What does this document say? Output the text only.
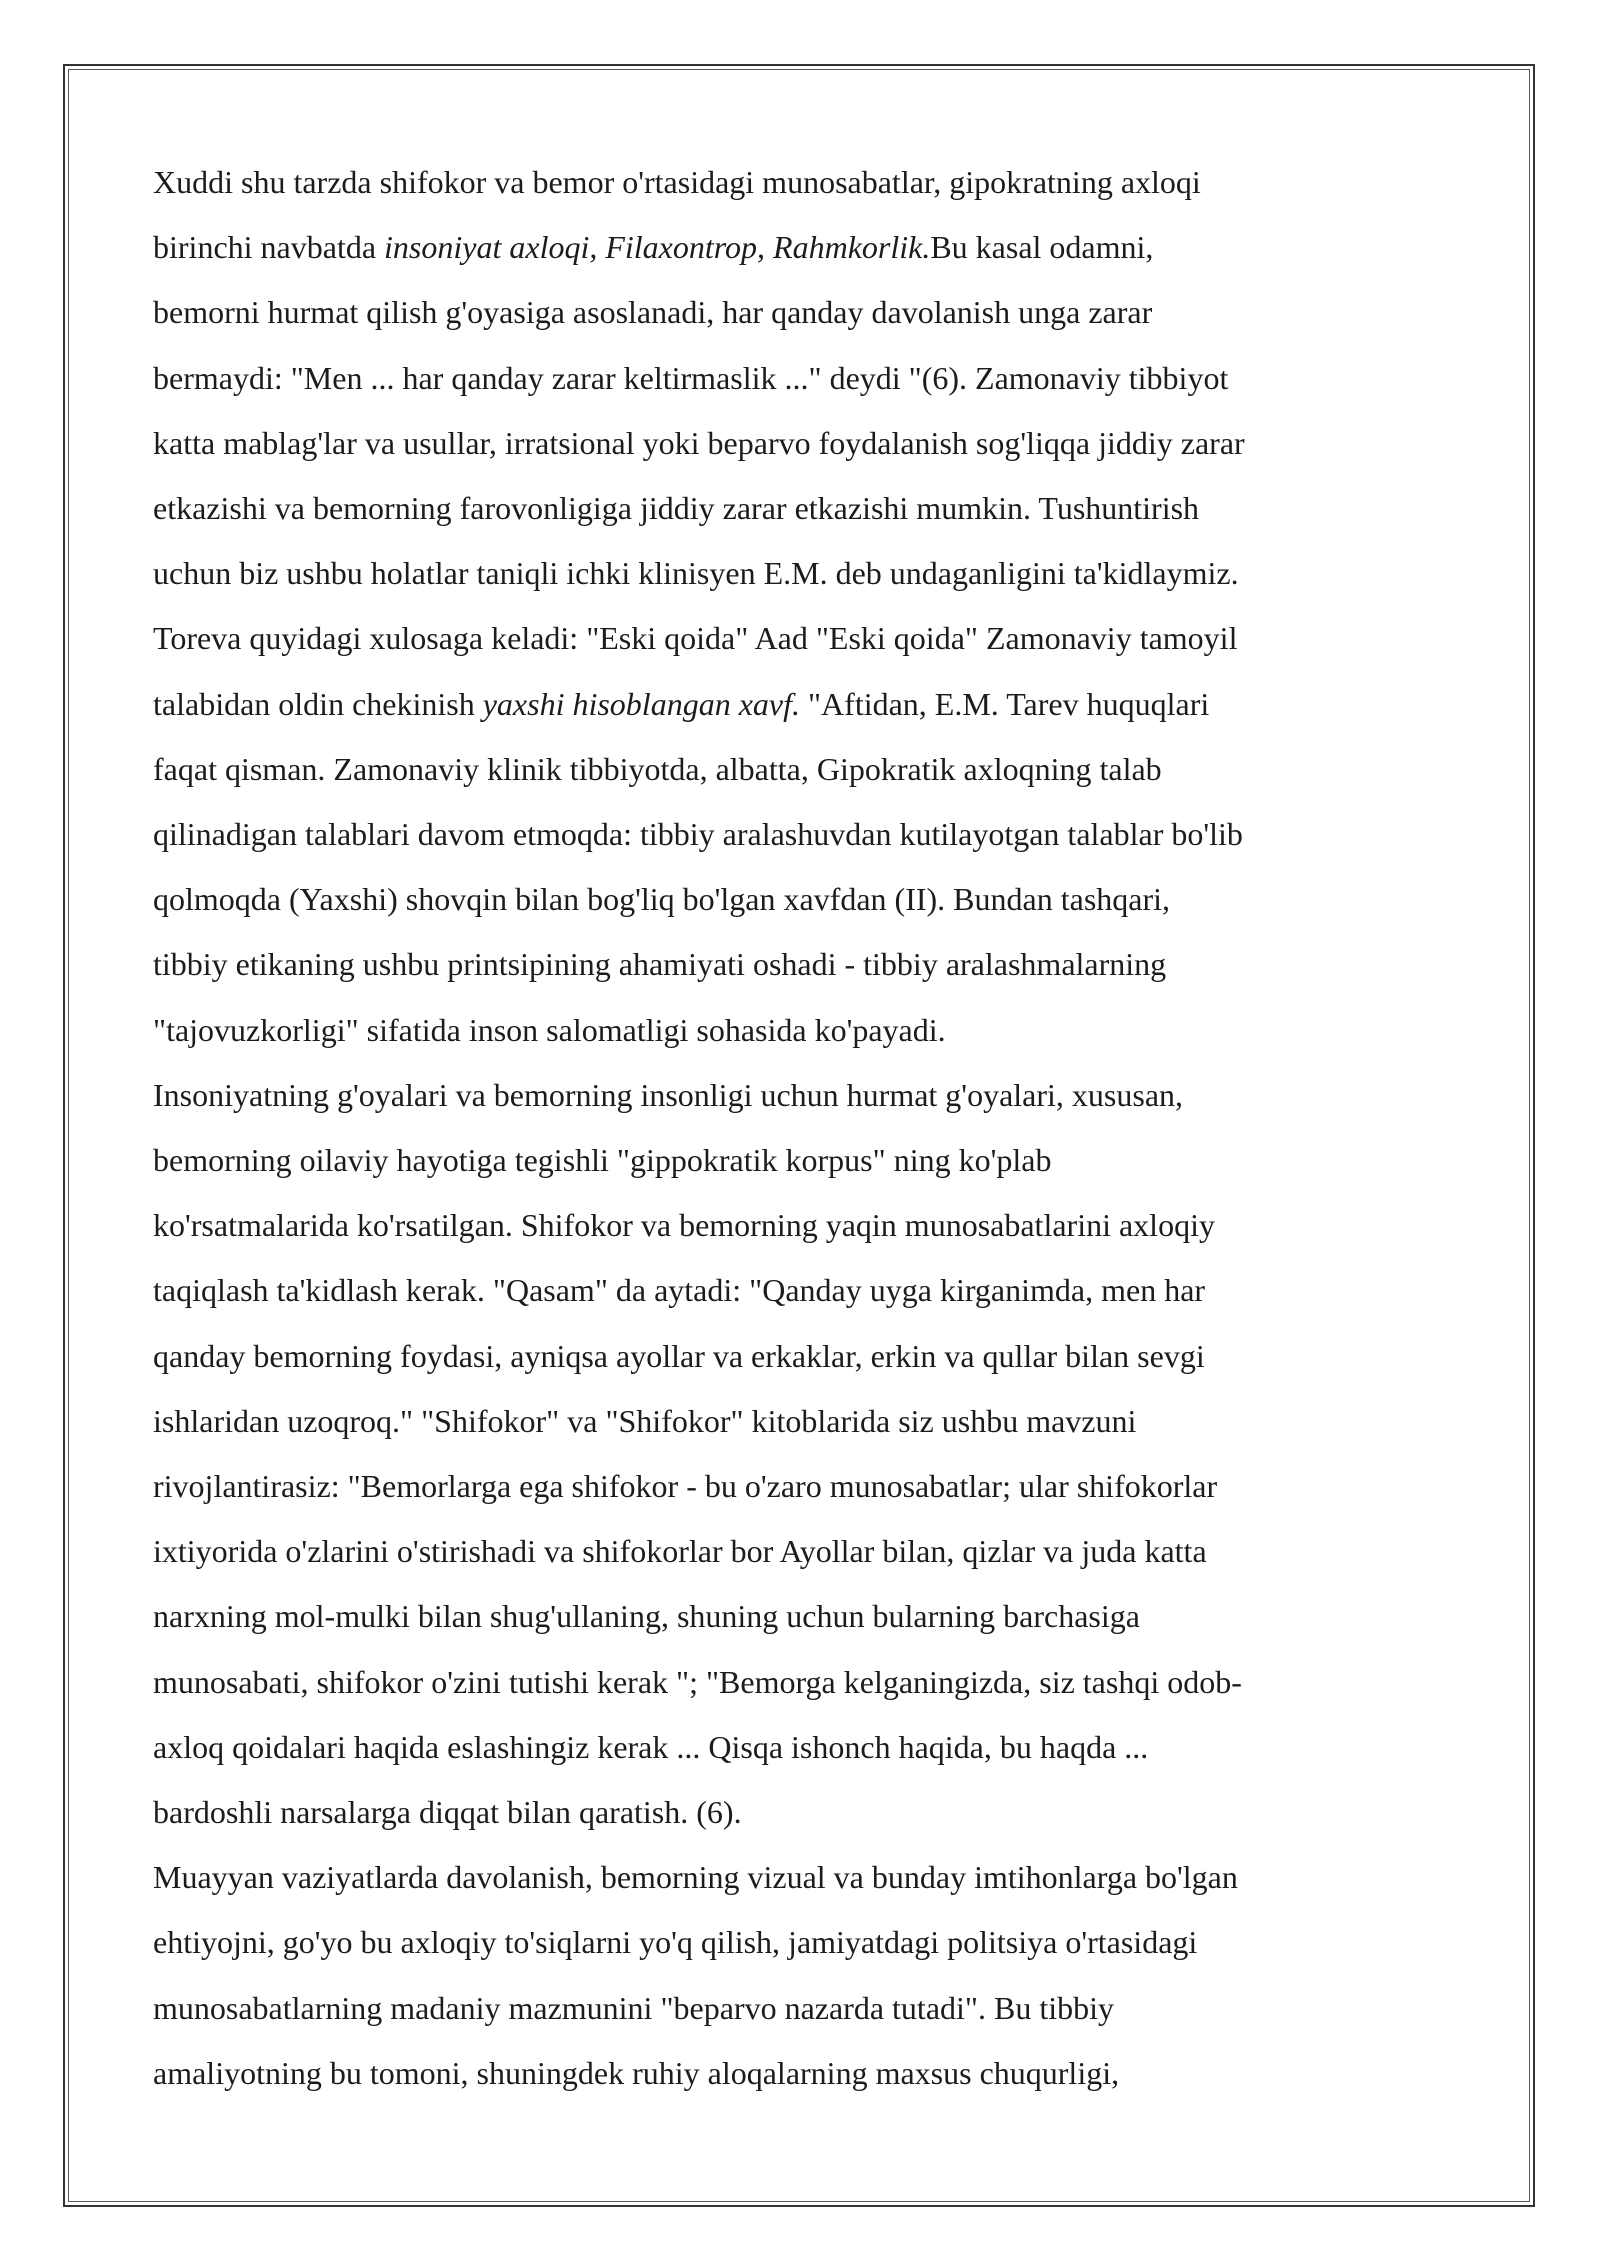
Xuddi shu tarzda shifokor va bemor o'rtasidagi munosabatlar, gipokratning axloqi
birinchi navbatda insoniyat axloqi, Filaxontrop, Rahmkorlik.Bu kasal odamni,
bemorni hurmat qilish g'oyasiga asoslanadi, har qanday davolanish unga zarar
bermaydi: "Men ... har qanday zarar keltirmaslik ..." deydi "(6). Zamonaviy tibbiyot
katta mablag'lar va usullar, irratsional yoki beparvo foydalanish sog'liqqa jiddiy zarar
etkazishi va bemorning farovonligiga jiddiy zarar etkazishi mumkin. Tushuntirish
uchun biz ushbu holatlar taniqli ichki klinisyen E.M. deb undaganligini ta'kidlaymiz.
Toreva quyidagi xulosaga keladi: "Eski qoida" Aad "Eski qoida" Zamonaviy tamoyil
talabidan oldin chekinish yaxshi hisoblangan xavf. "Aftidan, E.M. Tarev huquqlari
faqat qisman. Zamonaviy klinik tibbiyotda, albatta, Gipokratik axloqning talab
qilinadigan talablari davom etmoqda: tibbiy aralashuvdan kutilayotgan talablar bo'lib
qolmoqda (Yaxshi) shovqin bilan bog'liq bo'lgan xavfdan (II). Bundan tashqari,
tibbiy etikaning ushbu printsipining ahamiyati oshadi - tibbiy aralashmalarning
"tajovuzkorligi" sifatida inson salomatligi sohasida ko'payadi.

Insoniyatning g'oyalari va bemorning insonligi uchun hurmat g'oyalari, xususan,
bemorning oilaviy hayotiga tegishli "gippokratik korpus" ning ko'plab
ko'rsatmalarida ko'rsatilgan. Shifokor va bemorning yaqin munosabatlarini axloqiy
taqiqlash ta'kidlash kerak. "Qasam" da aytadi: "Qanday uyga kirganimda, men har
qanday bemorning foydasi, ayniqsa ayollar va erkaklar, erkin va qullar bilan sevgi
ishlaridan uzoqroq." "Shifokor" va "Shifokor" kitoblarida siz ushbu mavzuni
rivojlantirasiz: "Bemorlarga ega shifokor - bu o'zaro munosabatlar; ular shifokorlar
ixtiyorida o'zlarini o'stirishadi va shifokorlar bor Ayollar bilan, qizlar va juda katta
narxning mol-mulki bilan shug'ullaning, shuning uchun bularning barchasiga
munosabati, shifokor o'zini tutishi kerak "; "Bemorga kelganingizda, siz tashqi odob-
axloq qoidalari haqida eslashingiz kerak ... Qisqa ishonch haqida, bu haqda ...
bardoshli narsalarga diqqat bilan qaratish. (6).

Muayyan vaziyatlarda davolanish, bemorning vizual va bunday imtihonlarga bo'lgan
ehtiyojni, go'yo bu axloqiy to'siqlarni yo'q qilish, jamiyatdagi politsiya o'rtasidagi
munosabatlarning madaniy mazmunini "beparvo nazarda tutadi". Bu tibbiy
amaliyotning bu tomoni, shuningdek ruhiy aloqalarning maxsus chuqurligi,
